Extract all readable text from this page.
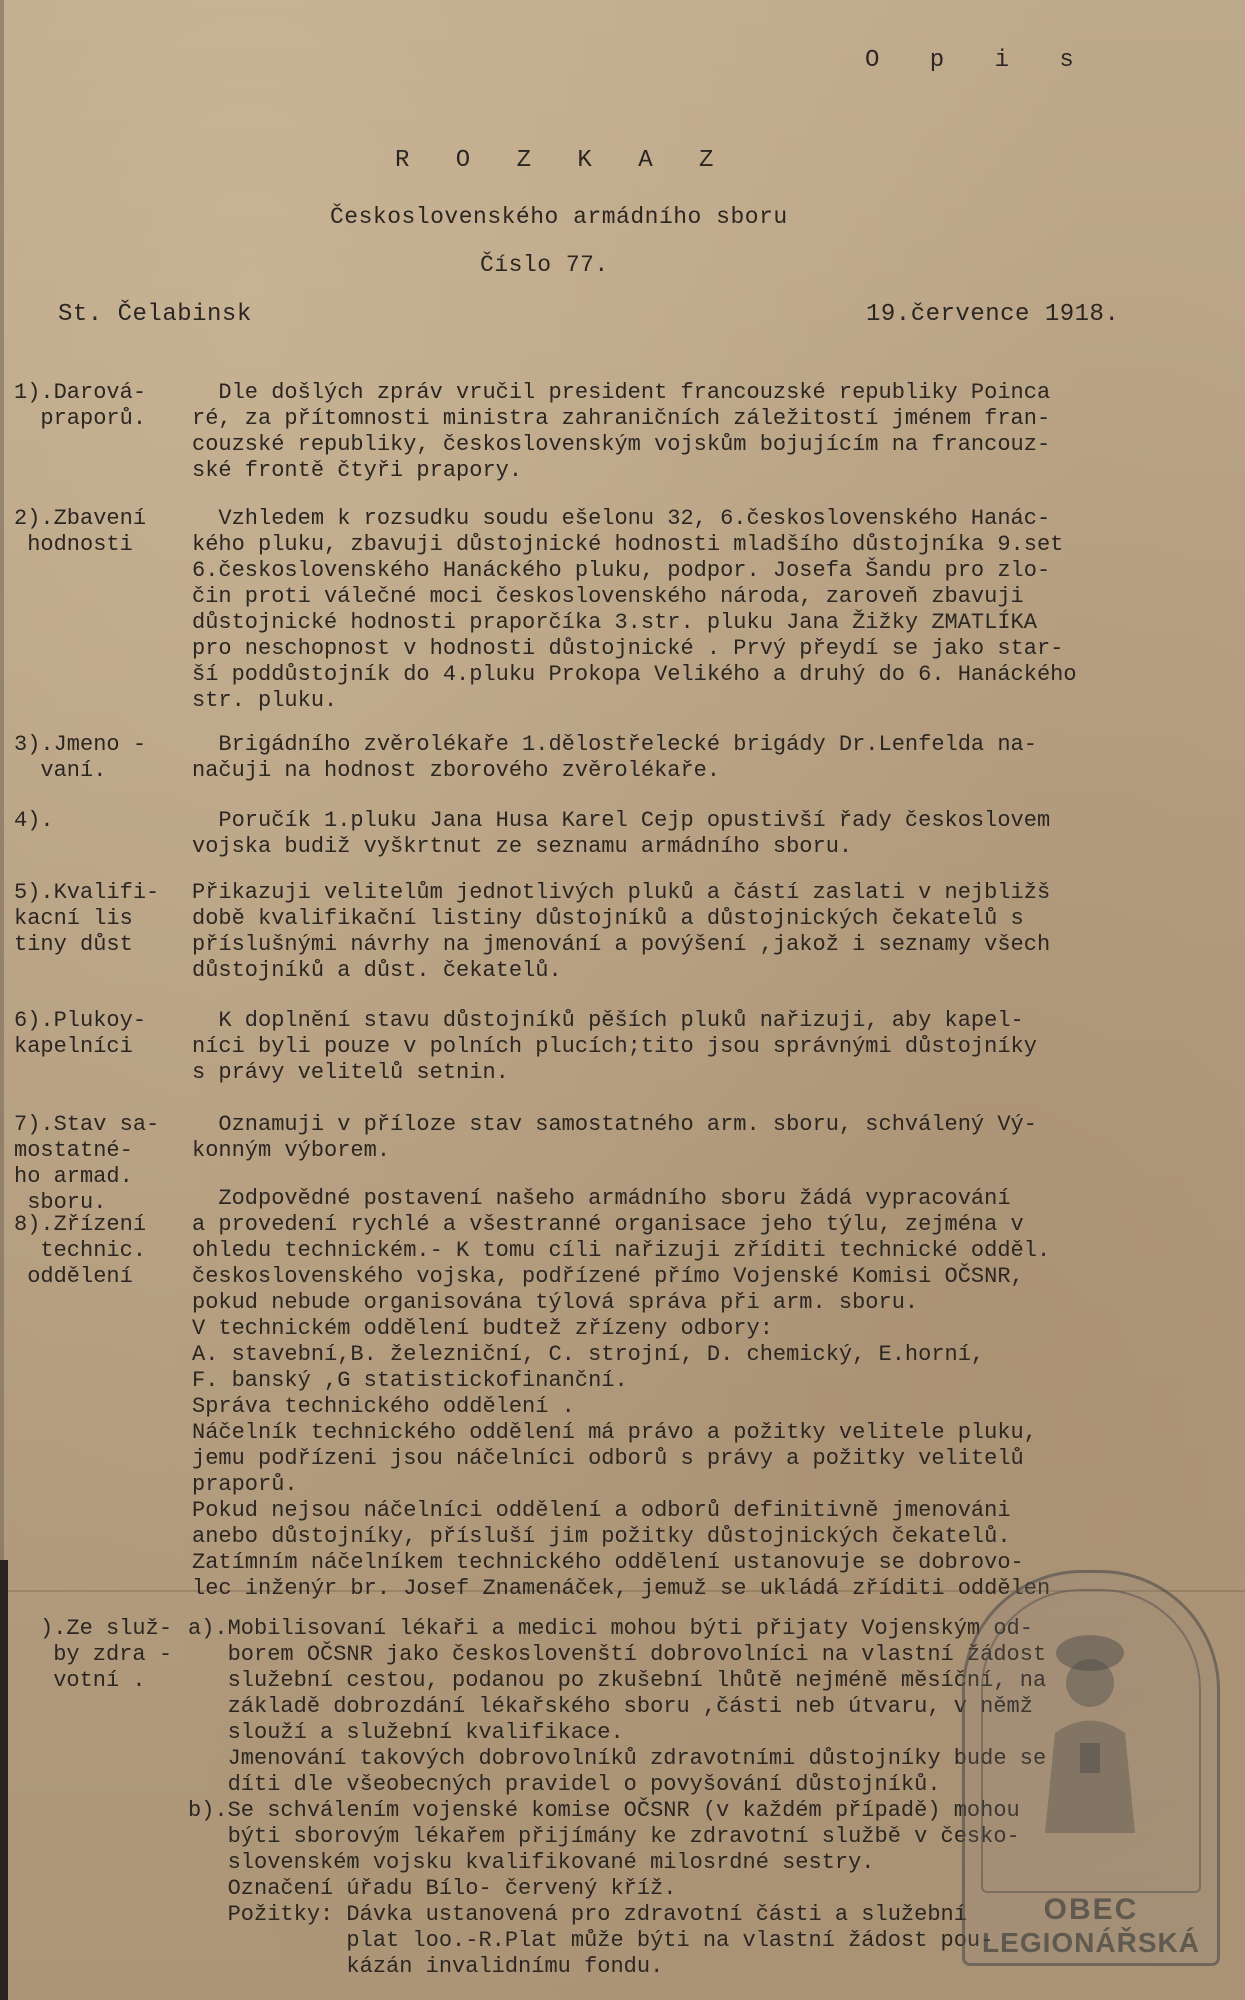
O p i s
R O Z K A Z
Československého armádního sboru
Číslo 77.
St. Čelabinsk	19.července 1918.
1).Darová-
praporů.
Dle došlých zpráv vručil president francouzské republiky Poinca
ré, za přítomnosti ministra zahraničních záležitostí jménem fran-
couzské republiky, československým vojskům bojujícím na francouz-
ské frontě čtyři prapory.
2).Zbavení
hodnosti
Vzhledem k rozsudku soudu ešelonu 32, 6.československého Hanác-
kého pluku, zbavuji důstojnické hodnosti mladšího důstojníka 9.set
6.československého Hanáckého pluku, podpor. Josefa Šandu pro zlo-
čin proti válečné moci československého národa, zaroveň zbavuji
důstojnické hodnosti praporčíka 3.str. pluku Jana Žižky ZMATLÍKA
pro neschopnost v hodnosti důstojnické . Prvý přeydí se jako star-
ší poddůstojník do 4.pluku Prokopa Velikého a druhý do 6. Hanáckého
str. pluku.
3).Jmeno -
vaní.
Brigádního zvěrolékaře 1.dělostřelecké brigády Dr.Lenfelda na-
načuji na hodnost zborového zvěrolékaře.
4).	Poručík 1.pluku Jana Husa Karel Cejp opustivší řady českoslovem
vojska budiž vyškrtnut ze seznamu armádního sboru.
5).Kvalifi-
kacní lis
tiny důst
Přikazuji velitelům jednotlivých pluků a částí zaslati v nejbližš
době kvalifikační listiny důstojníků a důstojnických čekatelů s
příslušnými návrhy na jmenování a povýšení ,jakož i seznamy všech
důstojníků a důst. čekatelů.
6).Plukoy-
kapelníci
K doplnění stavu důstojníků pěších pluků nařizuji, aby kapel-
níci byli pouze v polních plucích;tito jsou správnými důstojníky
s právy velitelů setnin.
7).Stav sa-
mostatné-
ho armad.
sboru.
Oznamuji v příloze stav samostatného arm. sboru, schválený Vý-
konným výborem.
8).Zřízení
technic.
oddělení
Zodpovědné postavení našeho armádního sboru žádá vypracování
a provedení rychlé a všestranné organisace jeho týlu, zejména v
ohledu technickém.- K tomu cíli nařizuji zříditi technické odděl.
československého vojska, podřízené přímo Vojenské Komisi OČSNR,
pokud nebude organisována týlová správa při arm. sboru.
V technickém oddělení budtež zřízeny odbory:
A. stavební,B. železniční, C. strojní, D. chemický, E.horní,
F. banský ,G statistickofinanční.
Správa technického oddělení .
Náčelník technického oddělení má právo a požitky velitele pluku,
jemu podřízeni jsou náčelníci odborů s právy a požitky velitelů
praporů.
Pokud nejsou náčelníci oddělení a odborů definitivně jmenováni
anebo důstojníky, přísluší jim požitky důstojnických čekatelů.
Zatímním náčelníkem technického oddělení ustanovuje se dobrovo-
lec inženýr br. Josef Znamenáček, jemuž se ukládá zříditi oddělen
).Ze služ-
by zdra -
votní .
a).Mobilisovaní lékaři a medici mohou býti přijaty Vojenským od-
borem OČSNR jako českoslovenští dobrovolníci na vlastní žádost
služební cestou, podanou po zkušební lhůtě nejméně měsíční, na
základě dobrozdání lékařského sboru ,části neb útvaru, v němž
slouží a služební kvalifikace.
Jmenování takových dobrovolníků zdravotními důstojníky bude se
díti dle všeobecných pravidel o povyšování důstojníků.
b).Se schválením vojenské komise OČSNR (v každém případě) mohou
býti sborovým lékařem přijímány ke zdravotní službě v česko-
slovenském vojsku kvalifikované milosrdné sestry.
Označení úřadu Bílo- červený kříž.
Požitky: Dávka ustanovená pro zdravotní části a služební
plat loo.-R.Plat může býti na vlastní žádost pou-
kázán invalidnímu fondu.
OBEC
LEGIONÁŘSKÁ
